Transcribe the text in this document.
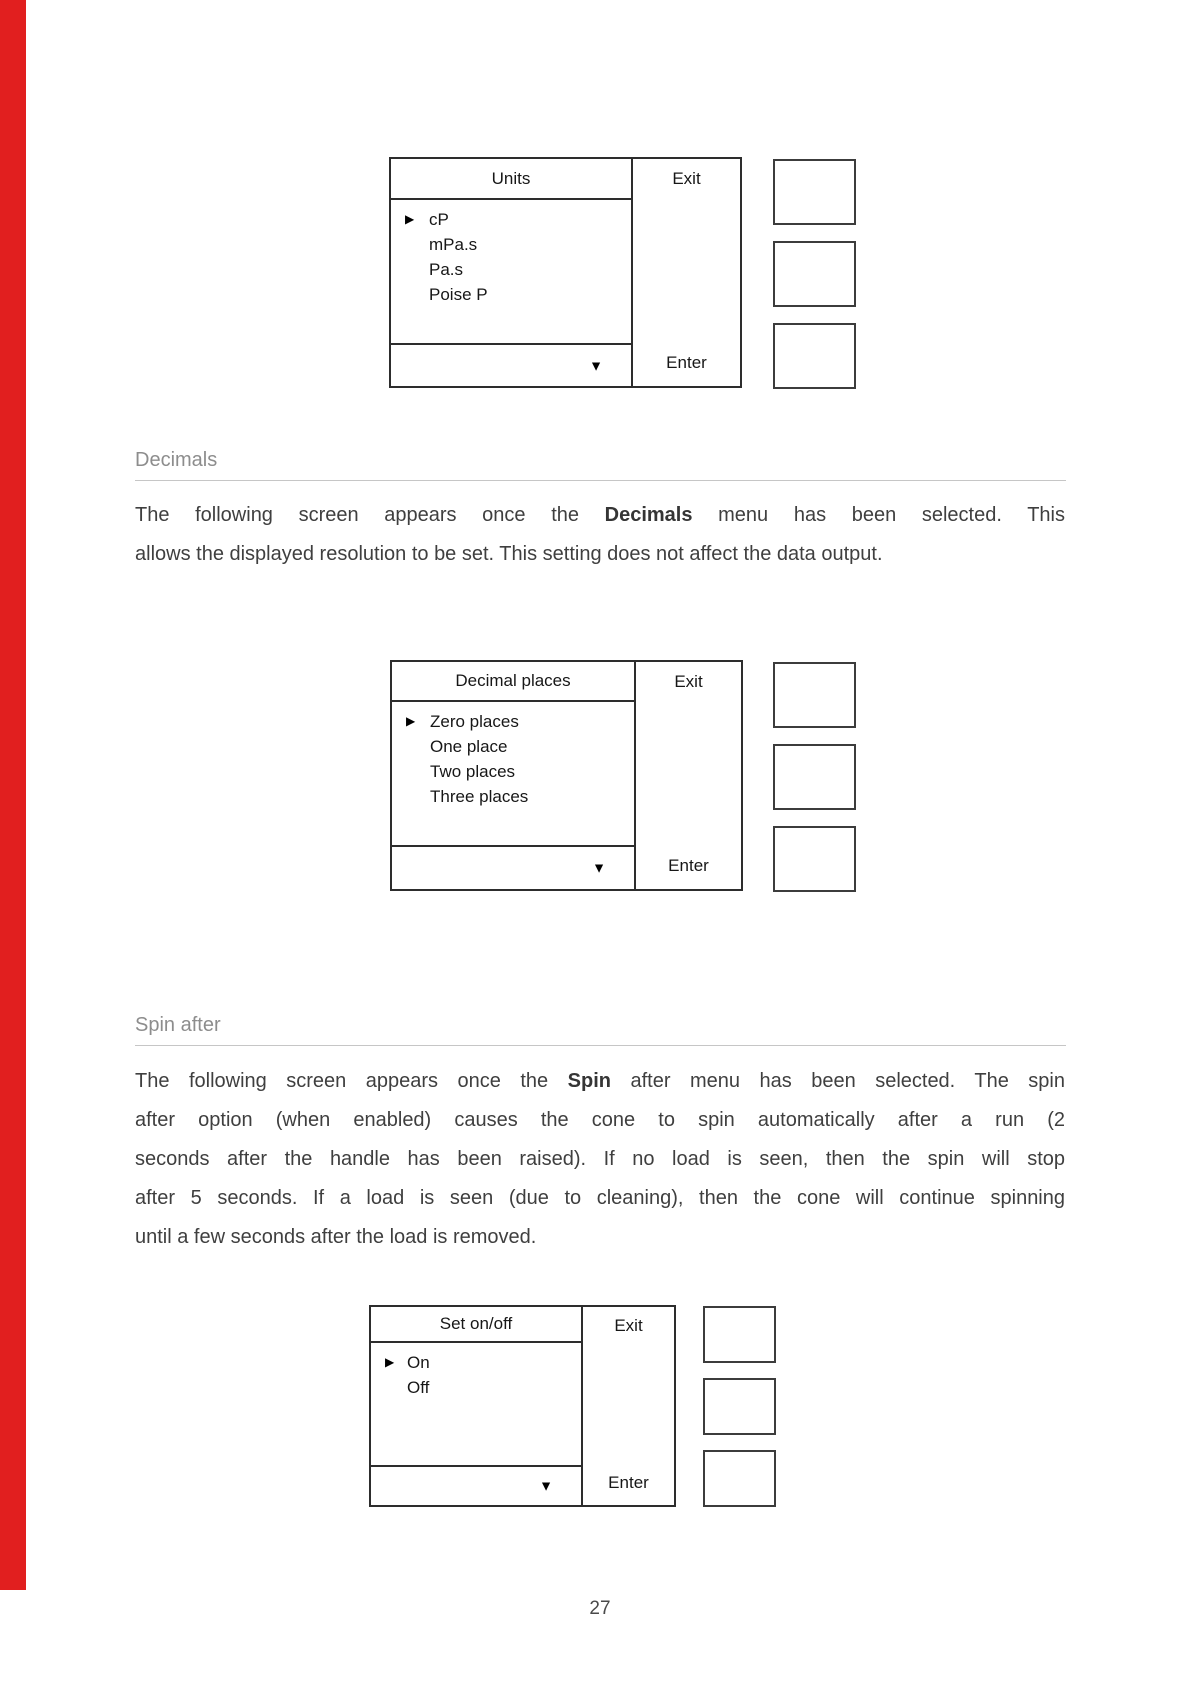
Units
▶ cP
mPa.s
Pa.s
Poise P
▼
Exit
Enter
Decimals
The following screen appears once the Decimals menu has been selected. This
allows the displayed resolution to be set. This setting does not affect the data output.
Decimal places
▶ Zero places
One place
Two places
Three places
▼
Exit
Enter
Spin after
The following screen appears once the Spin after menu has been selected. The spin
after option (when enabled) causes the cone to spin automatically after a run (2
seconds after the handle has been raised). If no load is seen, then the spin will stop
after 5 seconds. If a load is seen (due to cleaning), then the cone will continue spinning
until a few seconds after the load is removed.
Set on/off
▶ On
Off
▼
Exit
Enter
27
